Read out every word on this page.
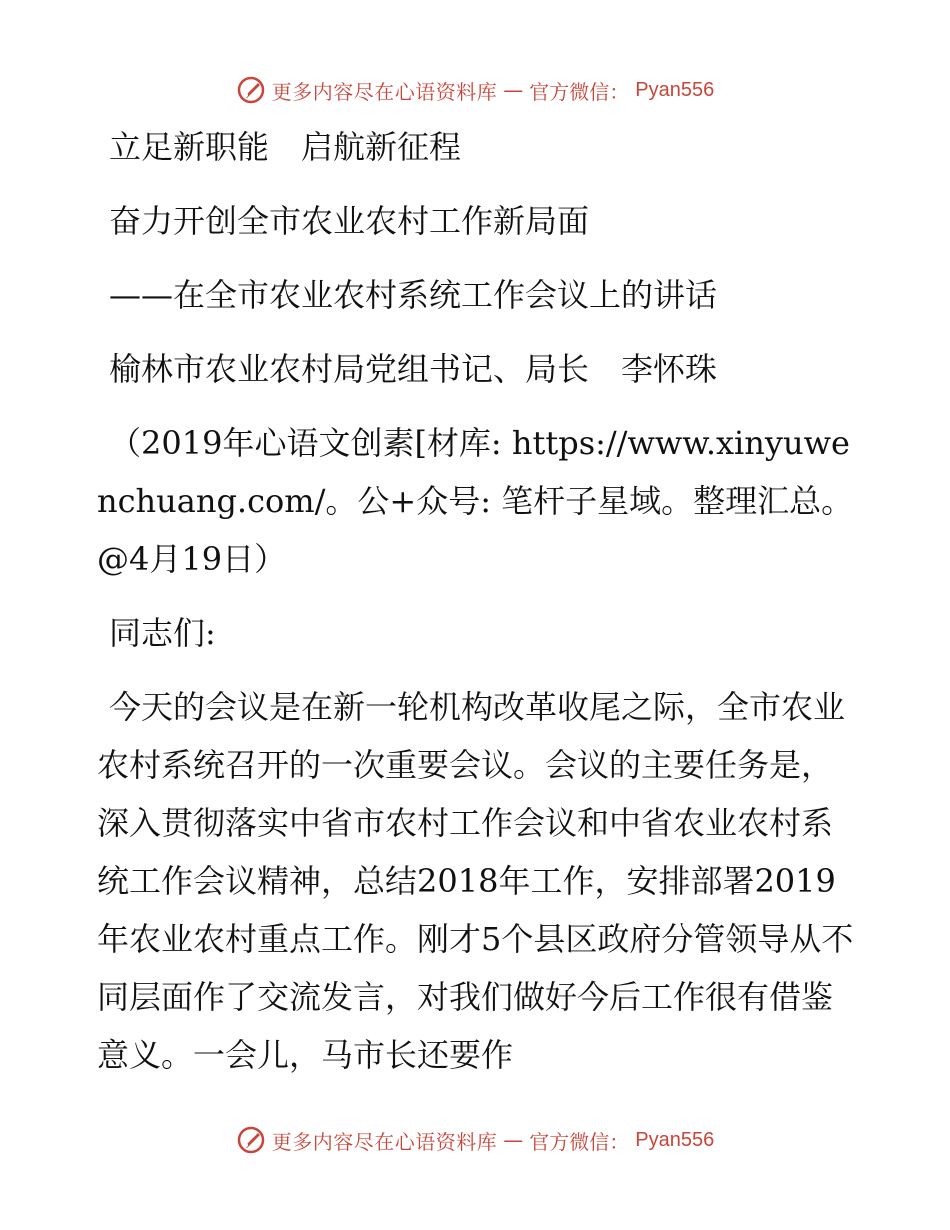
更多内容尽在心语资料库 — 官方微信： Pyan556

立足新职能　启航新征程

奋力开创全市农业农村工作新局面

——在全市农业农村系统工作会议上的讲话

榆林市农业农村局党组书记、局长　李怀珠

（2019年心语文创素[材库: https://www.xinyuwenchuang.com/。公+众号: 笔杆子星域。整理汇总。@4月19日）

同志们:

今天的会议是在新一轮机构改革收尾之际，全市农业农村系统召开的一次重要会议。会议的主要任务是，深入贯彻落实中省市农村工作会议和中省农业农村系统工作会议精神，总结2018年工作，安排部署2019年农业农村重点工作。刚才5个县区政府分管领导从不同层面作了交流发言，对我们做好今后工作很有借鉴意义。一会儿，马市长还要作

更多内容尽在心语资料库 — 官方微信： Pyan556
